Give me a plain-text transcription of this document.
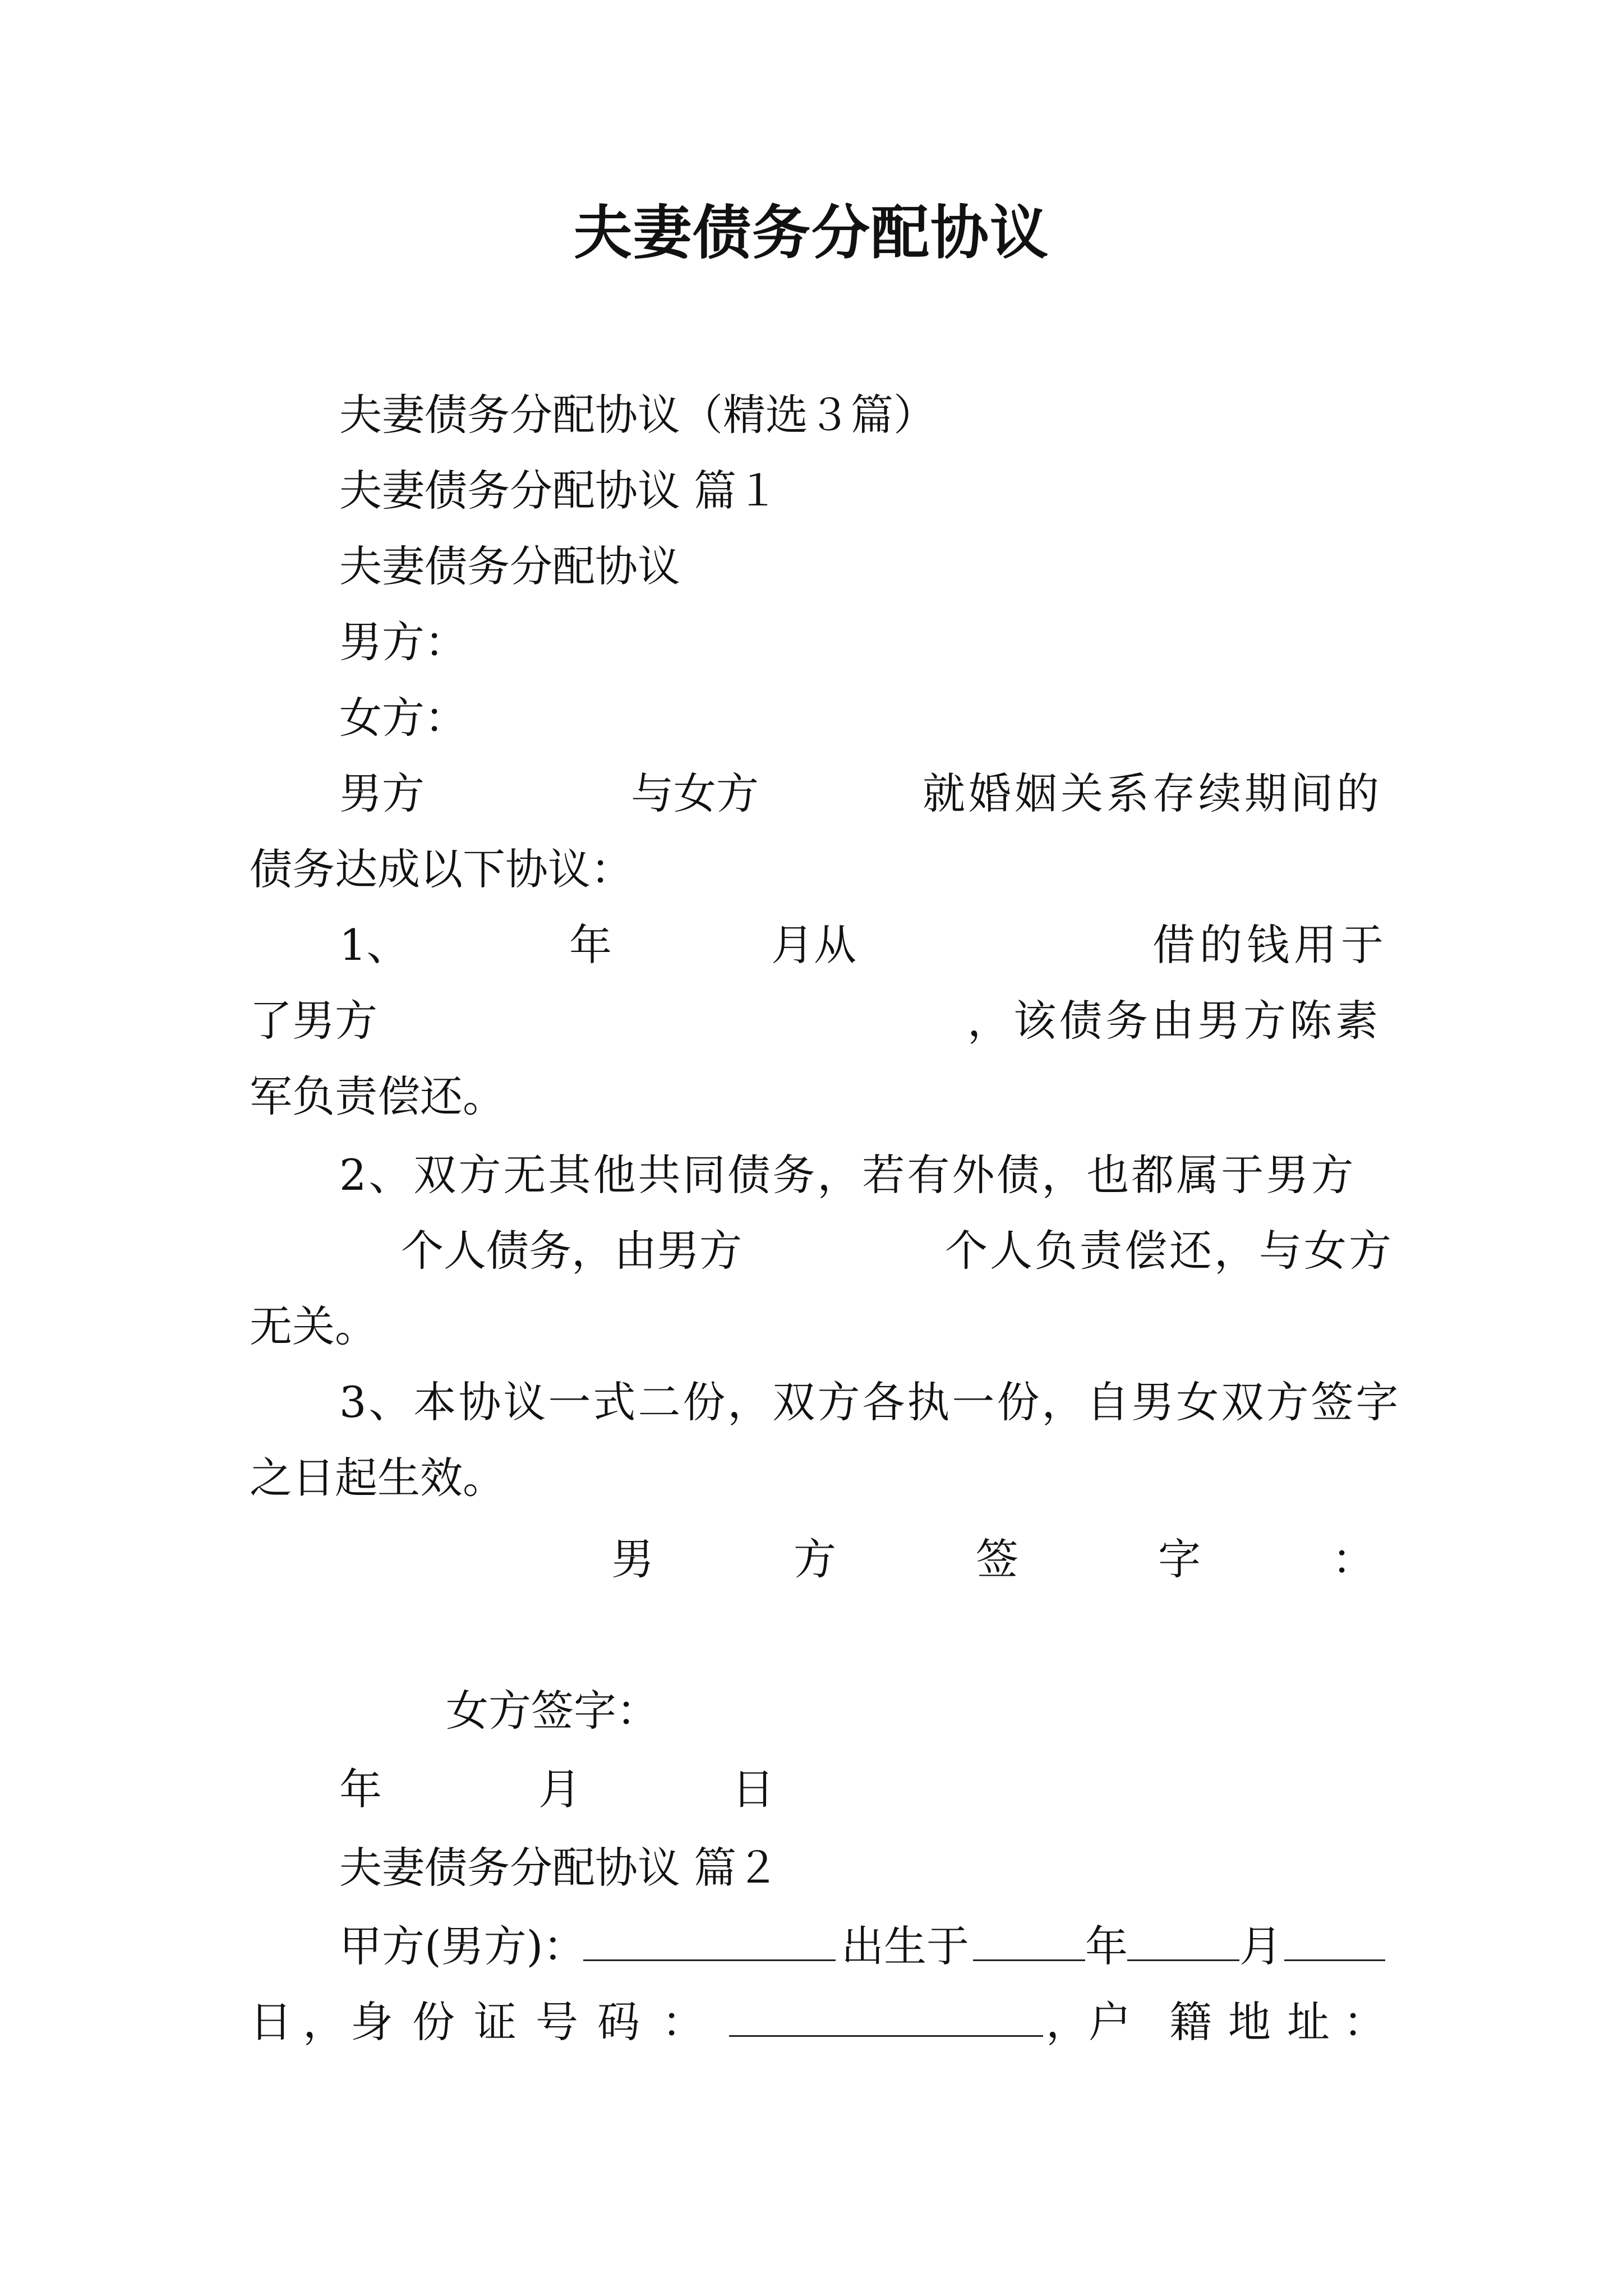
夫妻债务分配协议
夫妻债务分配协议（精选３篇）
夫妻债务分配协议 篇１
夫妻债务分配协议
男方：
女方：
男方	与女方	就婚姻关系存续期间的
债务达成以下协议：
1、	年	月从	借的钱用于
了男方	，该债务由男方陈素
军负责偿还。
2、双方无其他共同债务，若有外债，也都属于男方
个人债务，由男方	个人负责偿还，与女方
无关。
3、本协议一式二份，双方各执一份，自男女双方签字
之日起生效。
男	方	签	字	：
女方签字：
年	月	日
夫妻债务分配协议 篇２
甲方(男方)：	出生于	年	月
日 ， 身 份 证 号 码 ：	，户 籍 地 址 ：
